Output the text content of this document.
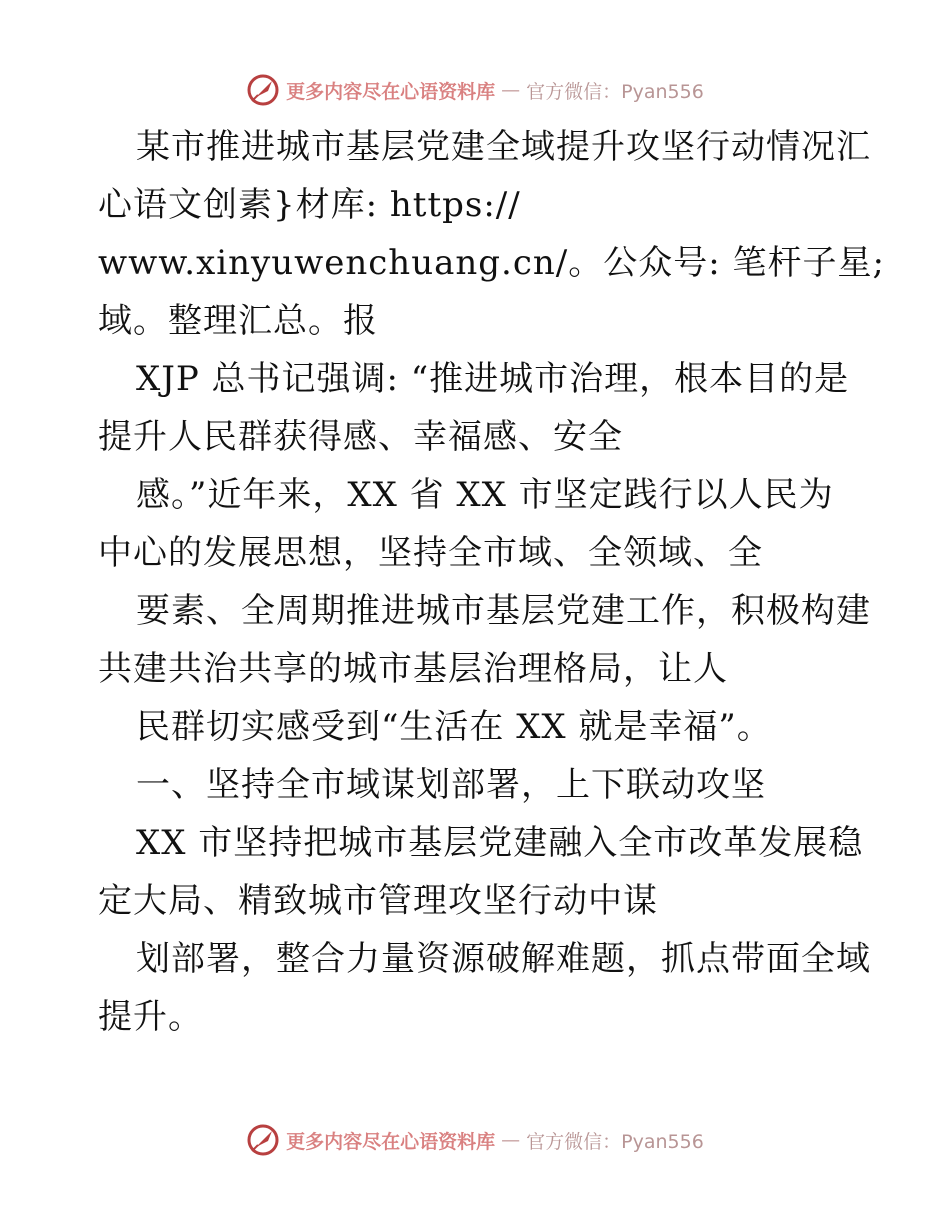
更多内容尽在心语资料库 — 官方微信：Pyan556
某市推进城市基层党建全域提升攻坚行动情况汇
心语文创素}材库: https://
www.xinyuwenchuang.cn/。公众号: 笔杆子星;
域。整理汇总。报
XJP 总书记强调: “推进城市治理，根本目的是
提升人民群获得感、幸福感、安全
感。”近年来，XX 省 XX 市坚定践行以人民为
中心的发展思想，坚持全市域、全领域、全
要素、全周期推进城市基层党建工作，积极构建
共建共治共享的城市基层治理格局，让人
民群切实感受到“生活在 XX 就是幸福”。
一、坚持全市域谋划部署，上下联动攻坚
XX 市坚持把城市基层党建融入全市改革发展稳
定大局、精致城市管理攻坚行动中谋
划部署，整合力量资源破解难题，抓点带面全域
提升。
更多内容尽在心语资料库 — 官方微信：Pyan556
